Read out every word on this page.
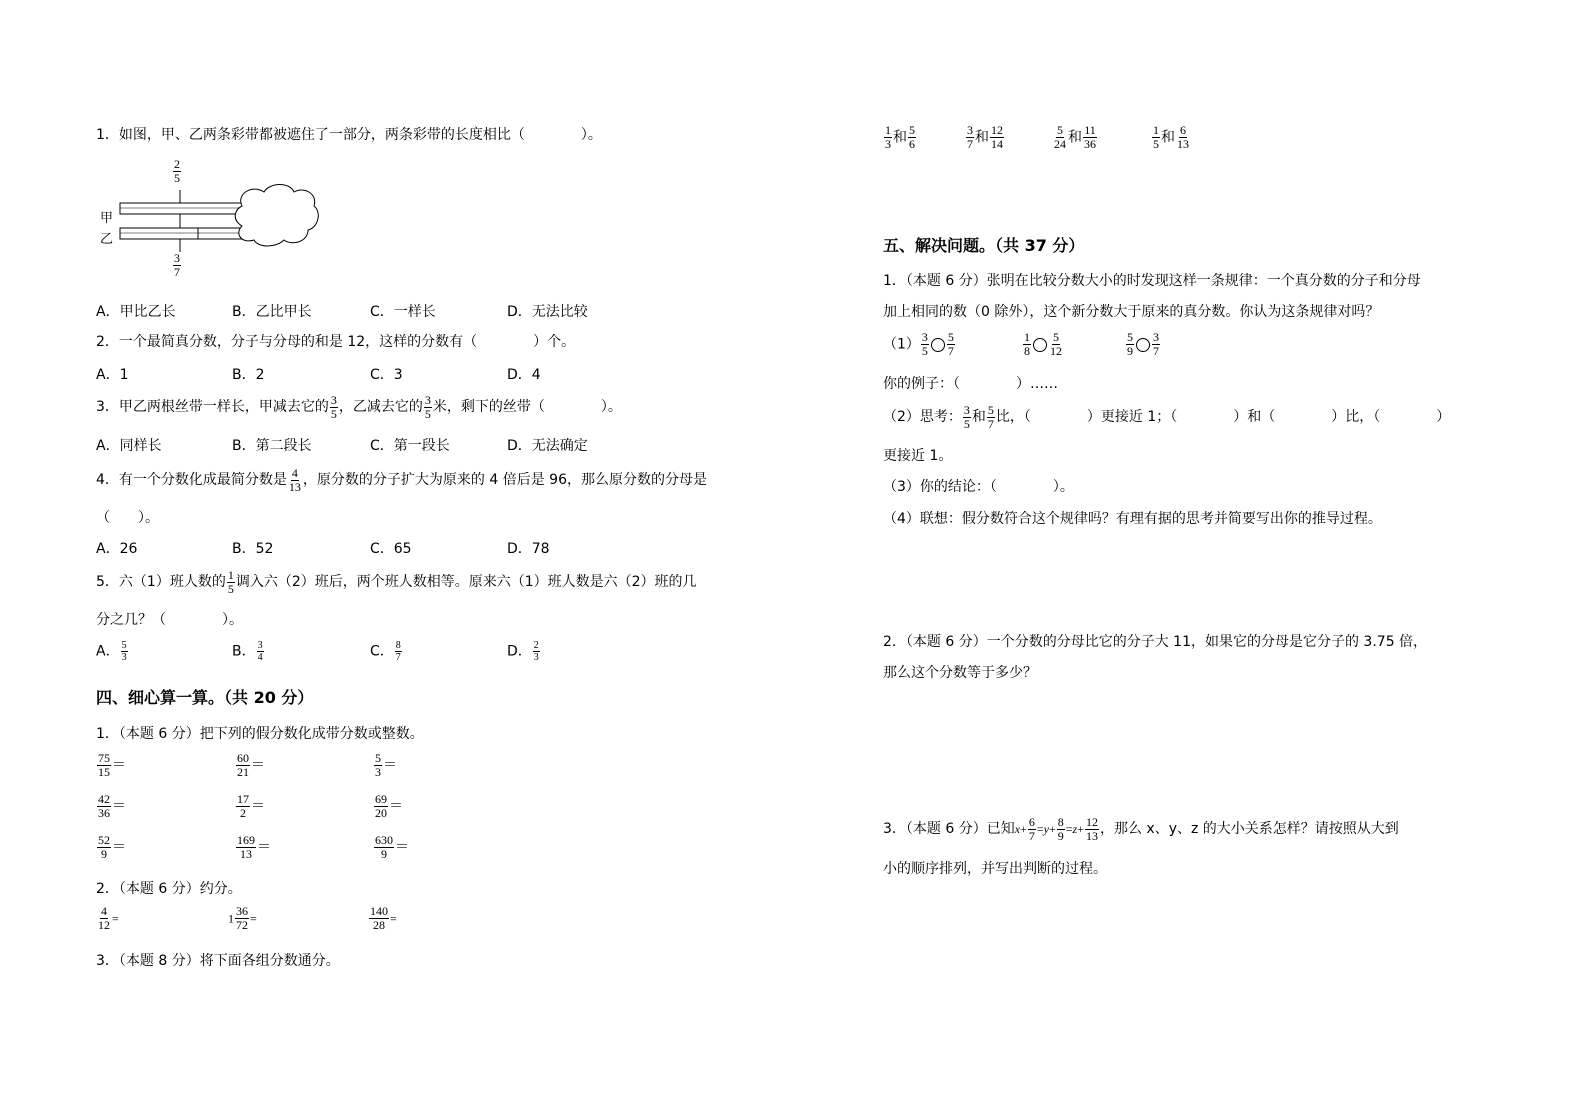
1．如图，甲、乙两条彩带都被遮住了一部分，两条彩带的长度相比（　　　　）。
$\frac{2}{5}$
甲
乙
$\frac{3}{7}$
A．甲比乙长	B．乙比甲长	C．一样长	D．无法比较
2．一个最简真分数，分子与分母的和是 12，这样的分数有（　　　　）个。
A．1	B．2	C．3	D．4
3．甲乙两根丝带一样长，甲减去它的 $\frac{3}{5}$ ，乙减去它的 $\frac{3}{5}$ 米，剩下的丝带（　　　　）。
A．同样长	B．第二段长	C．第一段长	D．无法确定
4．有一个分数化成最简分数是 $\frac{4}{13}$ ，原分数的分子扩大为原来的 4 倍后是 96，那么原分数的分母是
（　　）。
A．26	B．52	C．65	D．78
5．六（1）班人数的 $\frac{1}{5}$ 调入六（2）班后，两个班人数相等。原来六（1）班人数是六（2）班的几
分之几？（　　　　）。
A． $\frac{5}{3}$	B． $\frac{3}{4}$	C． $\frac{8}{7}$	D． $\frac{2}{3}$
四、细心算一算。（共 20 分）
1．（本题 6 分）把下列的假分数化成带分数或整数。
$\frac{75}{15}$ ＝	$\frac{60}{21}$ ＝	$\frac{5}{3}$ ＝
$\frac{42}{36}$ ＝	$\frac{17}{2}$ ＝	$\frac{69}{20}$ ＝
$\frac{52}{9}$ ＝	$\frac{169}{13}$ ＝	$\frac{630}{9}$ ＝
2．（本题 6 分）约分。
$\frac{4}{12}$ =	$1 \frac{36}{72}$ =	$\frac{140}{28}$ =
3．（本题 8 分）将下面各组分数通分。
$\frac{1}{3}$ 和 $\frac{5}{6}$	$\frac{3}{7}$ 和 $\frac{12}{14}$	$\frac{5}{24}$ 和 $\frac{11}{36}$	$\frac{1}{5}$ 和 $\frac{6}{13}$
五、解决问题。（共 37 分）
1．（本题 6 分）张明在比较分数大小的时发现这样一条规律：一个真分数的分子和分母
加上相同的数（0 除外），这个新分数大于原来的真分数。你认为这条规律对吗？
$(1) \frac{3}{5} \frac{5}{7}$	$\frac{1}{8} \frac{5}{12}$	$\frac{5}{9} \frac{3}{7}$
你的例子：（　　　　）……
（2）思考： $\frac{3}{5}$ 和 $\frac{5}{7}$ 比，（　　　　）更接近 1；（　　　　）和（　　　　）比，（　　　　）
更接近 1。
（3）你的结论：（　　　　）。
（4）联想：假分数符合这个规律吗？有理有据的思考并简要写出你的推导过程。
2．（本题 6 分）一个分数的分母比它的分子大 11，如果它的分母是它分子的 3.75 倍，
那么这个分数等于多少？
3．（本题 6 分）已知$x+ \frac{6}{7} =y+ \frac{8}{9} =z+ \frac{12}{13}$ ，那么 x、y、z 的大小关系怎样？请按照从大到
小的顺序排列，并写出判断的过程。
